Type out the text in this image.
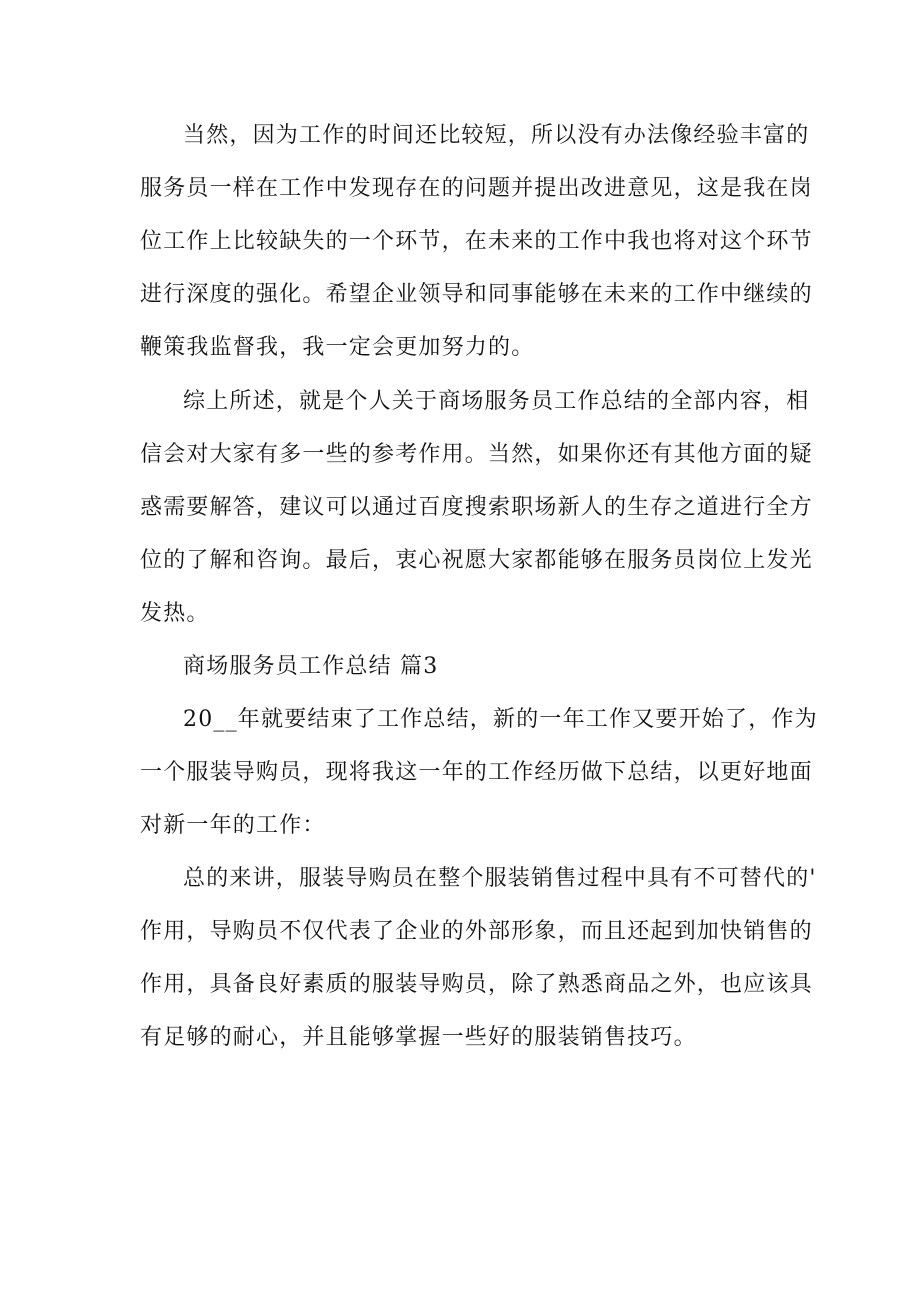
当然，因为工作的时间还比较短，所以没有办法像经验丰富的
服务员一样在工作中发现存在的问题并提出改进意见，这是我在岗
位工作上比较缺失的一个环节，在未来的工作中我也将对这个环节
进行深度的强化。希望企业领导和同事能够在未来的工作中继续的
鞭策我监督我，我一定会更加努力的。
综上所述，就是个人关于商场服务员工作总结的全部内容，相
信会对大家有多一些的参考作用。当然，如果你还有其他方面的疑
惑需要解答，建议可以通过百度搜索职场新人的生存之道进行全方
位的了解和咨询。最后，衷心祝愿大家都能够在服务员岗位上发光
发热。
商场服务员工作总结 篇3
20__年就要结束了工作总结，新的一年工作又要开始了，作为
一个服装导购员，现将我这一年的工作经历做下总结，以更好地面
对新一年的工作：
总的来讲，服装导购员在整个服装销售过程中具有不可替代的'
作用，导购员不仅代表了企业的外部形象，而且还起到加快销售的
作用，具备良好素质的服装导购员，除了熟悉商品之外，也应该具
有足够的耐心，并且能够掌握一些好的服装销售技巧。
